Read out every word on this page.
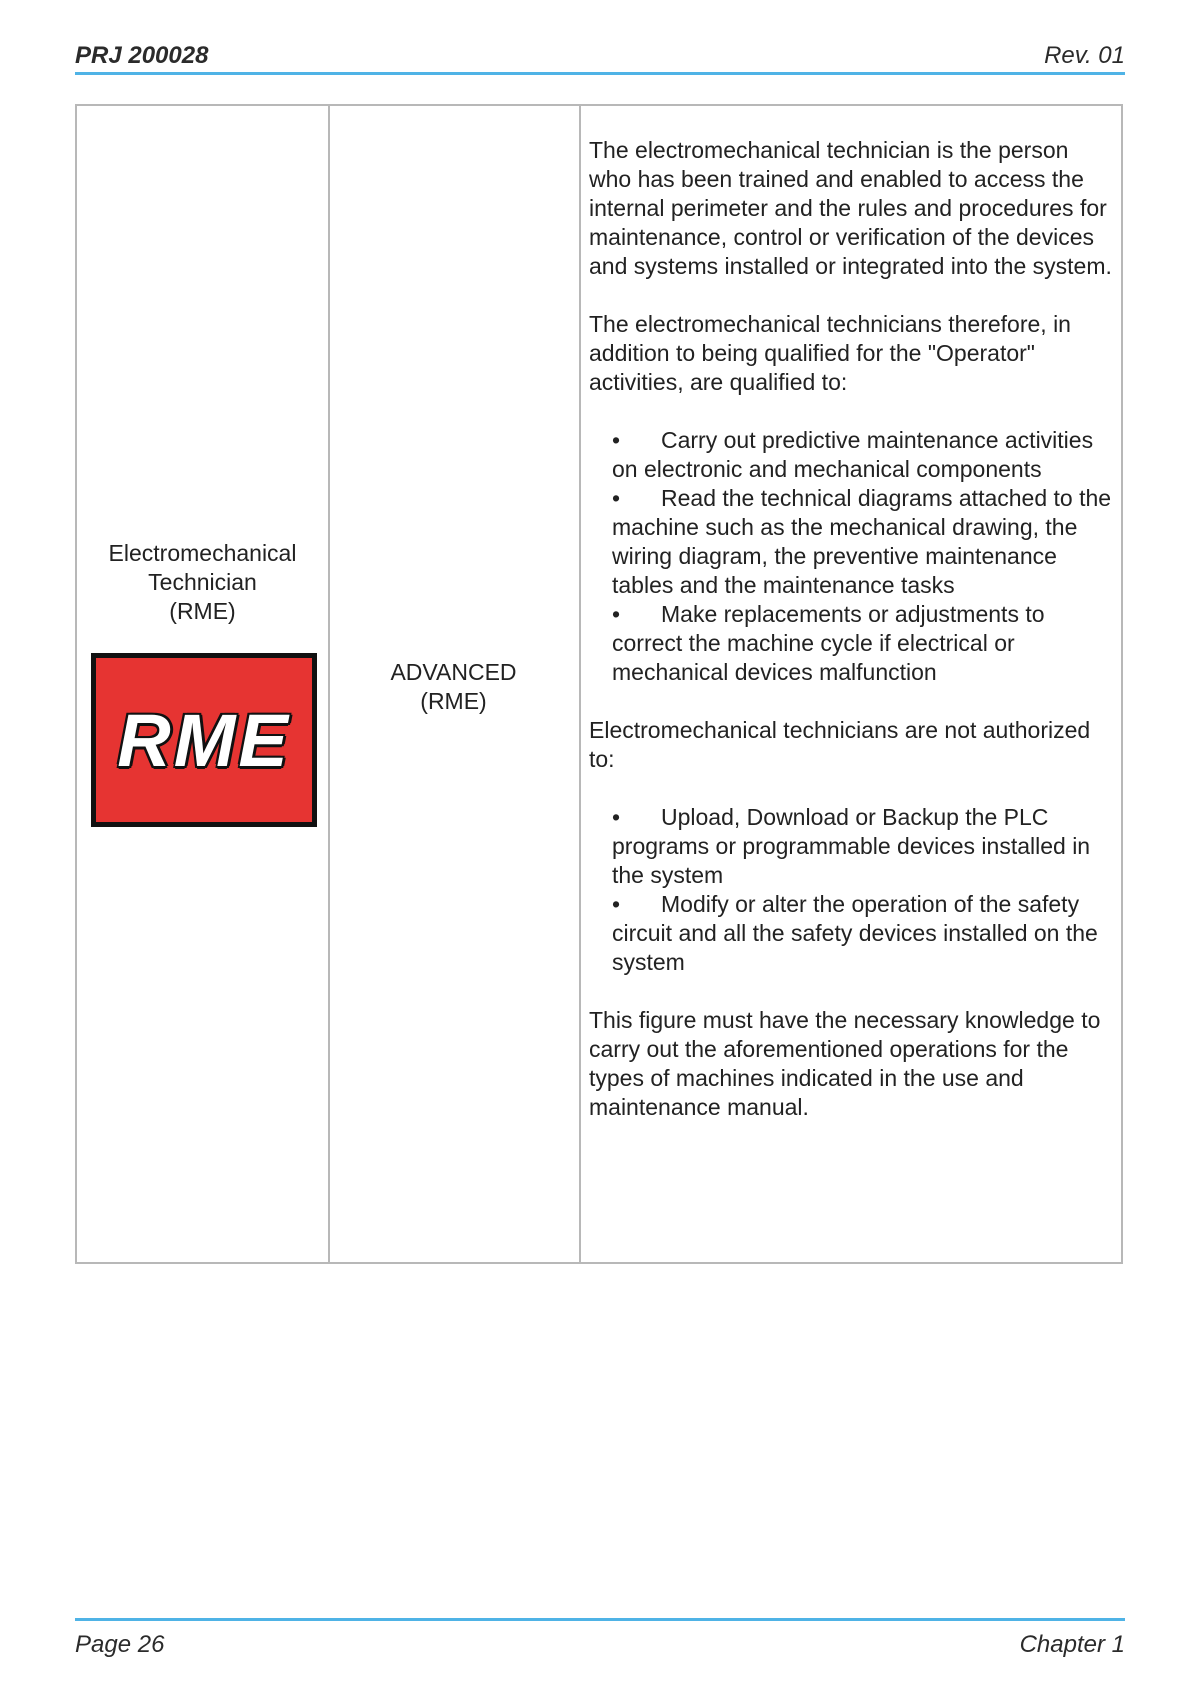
PRJ 200028	Rev. 01
Electromechanical
Technician
(RME)
RME
ADVANCED
(RME)

The electromechanical technician is the person who has been trained and enabled to access the internal perimeter and the rules and procedures for maintenance, control or verification of the devices and systems installed or integrated into the system.

The electromechanical technicians therefore, in addition to being qualified for the "Operator" activities, are qualified to:

• Carry out predictive maintenance activities on electronic and mechanical components
• Read the technical diagrams attached to the machine such as the mechanical drawing, the wiring diagram, the preventive maintenance tables and the maintenance tasks
• Make replacements or adjustments to correct the machine cycle if electrical or mechanical devices malfunction

Electromechanical technicians are not authorized to:

• Upload, Download or Backup the PLC programs or programmable devices installed in the system
• Modify or alter the operation of the safety circuit and all the safety devices installed on the system

This figure must have the necessary knowledge to carry out the aforementioned operations for the types of machines indicated in the use and maintenance manual.

Page 26	Chapter 1
